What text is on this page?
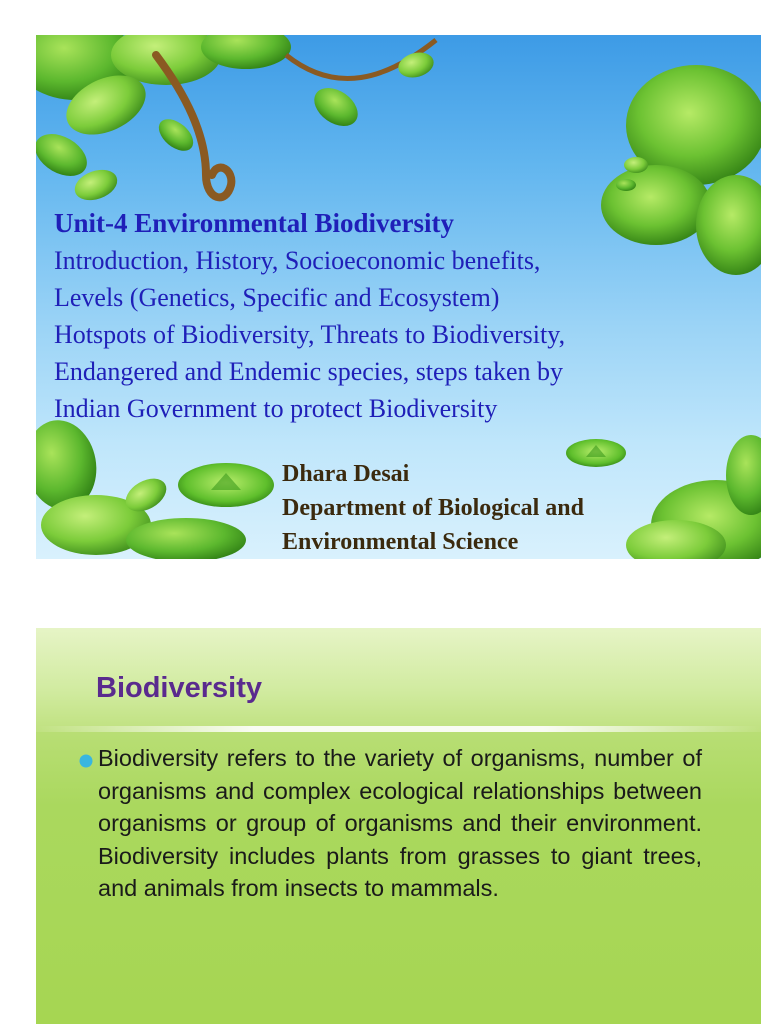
Unit-4 Environmental Biodiversity
Introduction, History, Socioeconomic benefits,
Levels (Genetics, Specific and Ecosystem)
Hotspots of Biodiversity, Threats to Biodiversity,
Endangered and Endemic species, steps taken by
Indian Government to protect Biodiversity
Dhara Desai
Department of Biological and
Environmental Science
Biodiversity
Biodiversity refers to the variety of organisms, number of organisms and complex ecological relationships between organisms or group of organisms and their environment. Biodiversity includes plants from grasses to giant trees, and animals from insects to mammals.
